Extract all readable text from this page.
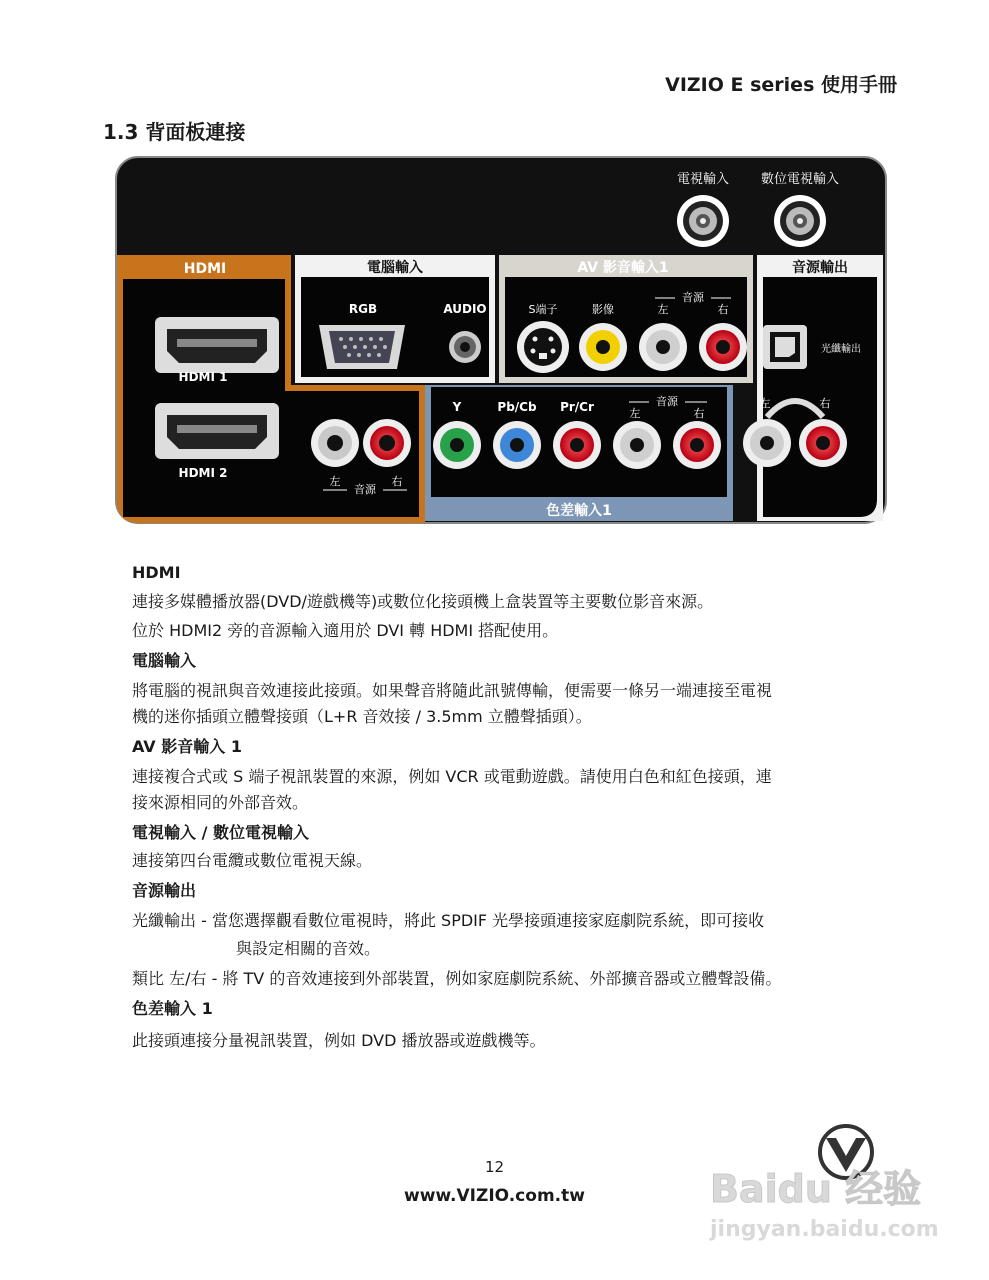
VIZIO E series 使用手冊
1.3 背面板連接
電視輸入 數位電視輸入
HDMI
HDMI 1
HDMI 2
左	右
音源
電腦輸入
RGB	AUDIO
AV 影音輸入1
S端子	影像
音源
左	右
音源輸出
光纖輸出
左	右
色差輸入1
Y	Pb/Cb Pr/Cr	音源
左	右
HDMI
連接多媒體播放器(DVD/遊戲機等)或數位化接頭機上盒裝置等主要數位影音來源。
位於 HDMI2 旁的音源輸入適用於 DVI 轉 HDMI 搭配使用。
電腦輸入
將電腦的視訊與音效連接此接頭。如果聲音將隨此訊號傳輸，便需要一條另一端連接至電視
機的迷你插頭立體聲接頭（L+R 音效接 / 3.5mm 立體聲插頭）。
AV 影音輸入 1
連接複合式或 S 端子視訊裝置的來源，例如 VCR 或電動遊戲。請使用白色和紅色接頭，連
接來源相同的外部音效。
電視輸入 / 數位電視輸入
連接第四台電纜或數位電視天線。
音源輸出
光纖輸出 - 當您選擇觀看數位電視時，將此 SPDIF 光學接頭連接家庭劇院系統，即可接收
與設定相關的音效。
類比 左/右 - 將 TV 的音效連接到外部裝置，例如家庭劇院系統、外部擴音器或立體聲設備。
色差輸入 1
此接頭連接分量視訊裝置，例如 DVD 播放器或遊戲機等。
12
www.VIZIO.com.tw	Baidu 经验
jingyan.baidu.com
